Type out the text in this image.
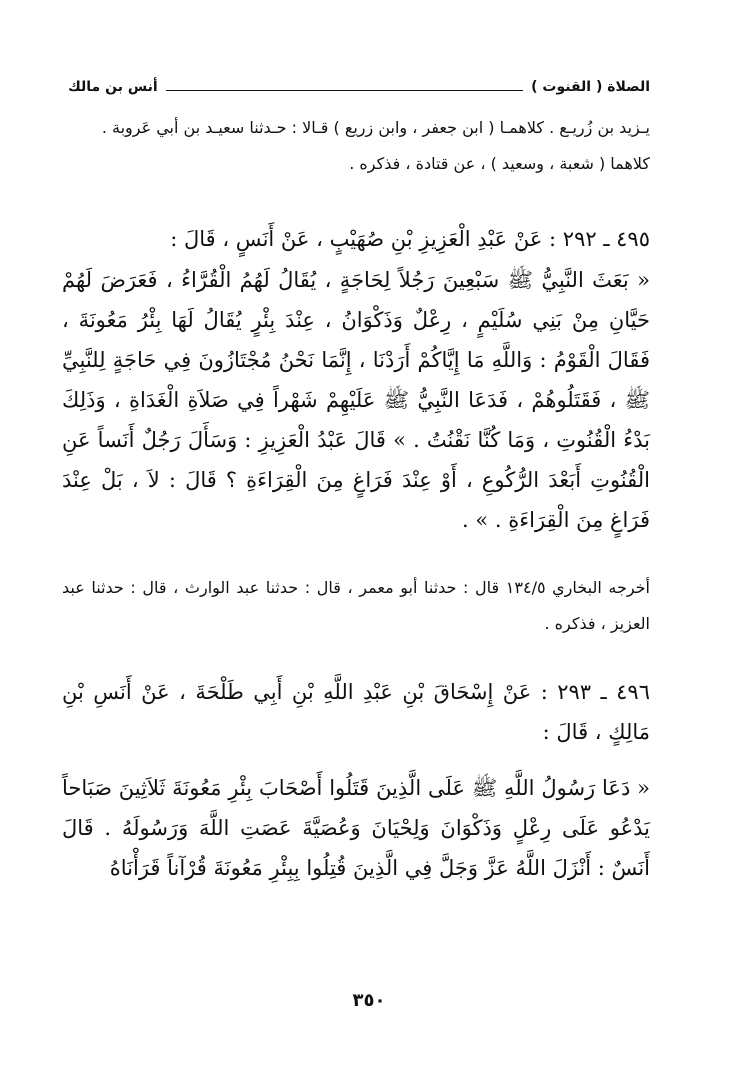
الصلاة ( القنوت )
أنس بن مالك

يـزيد بن زُريـع . كلاهمـا ( ابن جعفر ، وابن زريع ) قـالا : حـدثنا سعيـد بن أبي عَروبة .

كلاهما ( شعبة ، وسعيد ) ، عن قتادة ، فذكره .

٤٩٥ ـ ٢٩٢ : عَنْ عَبْدِ الْعَزِيزِ بْنِ صُهَيْبٍ ، عَنْ أَنَسٍ ، قَالَ :

« بَعَثَ النَّبِيُّ ﷺ سَبْعِينَ رَجُلاً لِحَاجَةٍ ، يُقَالُ لَهُمُ الْقُرَّاءُ ، فَعَرَضَ لَهُمْ حَيَّانِ مِنْ بَنِي سُلَيْمٍ ، رِعْلٌ وَذَكْوَانُ ، عِنْدَ بِئْرٍ يُقَالُ لَهَا بِئْرُ مَعُونَةَ ، فَقَالَ الْقَوْمُ : وَاللَّهِ مَا إِيَّاكُمْ أَرَدْنَا ، إِنَّمَا نَحْنُ مُجْتَازُونَ فِي حَاجَةٍ لِلنَّبِيِّ ﷺ ، فَقَتَلُوهُمْ ، فَدَعَا النَّبِيُّ ﷺ عَلَيْهِمْ شَهْراً فِي صَلاَةِ الْغَدَاةِ ، وَذَلِكَ بَدْءُ الْقُنُوتِ ، وَمَا كُنَّا نَقْنُتُ . » قَالَ عَبْدُ الْعَزِيزِ : وَسَأَلَ رَجُلٌ أَنَساً عَنِ الْقُنُوتِ أَبَعْدَ الرُّكُوعِ ، أَوْ عِنْدَ فَرَاغٍ مِنَ الْقِرَاءَةِ ؟ قَالَ : لاَ ، بَلْ عِنْدَ فَرَاغٍ مِنَ الْقِرَاءَةِ . » .

أخرجه البخاري ١٣٤/٥ قال : حدثنا أبو معمر ، قال : حدثنا عبد الوارث ، قال : حدثنا عبد العزيز ، فذكره .

٤٩٦ ـ ٢٩٣ : عَنْ إِسْحَاقَ بْنِ عَبْدِ اللَّهِ بْنِ أَبِي طَلْحَةَ ، عَنْ أَنَسِ بْنِ مَالِكٍ ، قَالَ :

« دَعَا رَسُولُ اللَّهِ ﷺ عَلَى الَّذِينَ قَتَلُوا أَصْحَابَ بِئْرِ مَعُونَةَ ثَلاَثِينَ صَبَاحاً يَدْعُو عَلَى رِعْلٍ وَذَكْوَانَ وَلِحْيَانَ وَعُصَيَّةَ عَصَتِ اللَّهَ وَرَسُولَهُ . قَالَ أَنَسٌ : أَنْزَلَ اللَّهُ عَزَّ وَجَلَّ فِي الَّذِينَ قُتِلُوا بِبِئْرِ مَعُونَةَ قُرْآناً قَرَأْنَاهُ

٣٥٠
